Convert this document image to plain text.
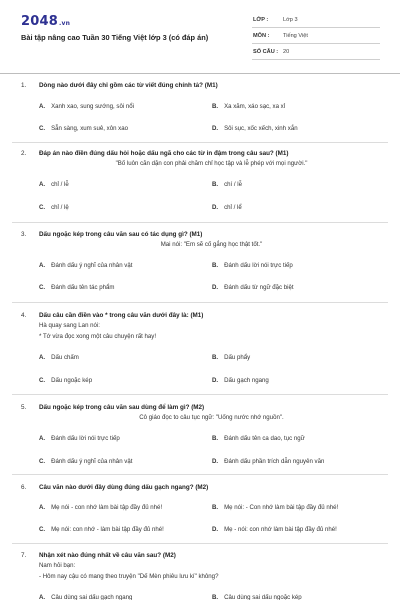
2048.vn
Bài tập nâng cao Tuần 30 Tiếng Việt lớp 3 (có đáp án)
LỚP :	Lớp 3
MÔN : Tiếng Việt
SỐ CÂU : 20
1. Dòng nào dưới đây chỉ gồm các từ viết đúng chính tả? (M1)
A. Xanh xao, sung sướng, sôi nổi	B. Xa xăm, xáo sạc, xa xỉ
C. Sẵn sàng, xum suê, xôn xao	D. Sôi sục, xốc xếch, xinh xắn
2. Đáp án nào điền đúng dấu hỏi hoặc dấu ngã cho các từ in đậm trong câu sau? (M1)
"Bố luôn căn dặn con phải chăm chỉ học tập và lễ phép với mọi người."
A. chỉ / lễ	B. chí / lễ
C. chỉ / lệ	D. chỉ / lể
3. Dấu ngoặc kép trong câu văn sau có tác dụng gì? (M1)
Mai nói: "Em sẽ cố gắng học thật tốt."
A. Đánh dấu ý nghĩ của nhân vật	B. Đánh dấu lời nói trực tiếp
C. Đánh dấu tên tác phẩm	D. Đánh dấu từ ngữ đặc biệt
4. Dấu câu cần điền vào * trong câu văn dưới đây là: (M1)
Hà quay sang Lan nói:
* Tớ vừa đọc xong một câu chuyện rất hay!
A. Dấu chấm	B. Dấu phẩy
C. Dấu ngoặc kép	D. Dấu gạch ngang
5. Dấu ngoặc kép trong câu văn sau dùng để làm gì? (M2)
Cô giáo đọc to câu tục ngữ: "Uống nước nhớ nguồn".
A. Đánh dấu lời nói trực tiếp	B. Đánh dấu tên ca dao, tục ngữ
C. Đánh dấu ý nghĩ của nhân vật	D. Đánh dấu phần trích dẫn nguyên văn
6. Câu văn nào dưới đây dùng đúng dấu gạch ngang? (M2)
A. Mẹ nói - con nhớ làm bài tập đầy đủ nhé!	B. Mẹ nói: - Con nhớ làm bài tập đầy đủ nhé!
C. Mẹ nói: con nhớ - làm bài tập đầy đủ nhé!	D. Mẹ - nói: con nhớ làm bài tập đầy đủ nhé!
7. Nhận xét nào đúng nhất về câu văn sau? (M2)
Nam hỏi bạn:
- Hôm nay cậu có mang theo truyện "Dế Mèn phiêu lưu kí" không?
A. Câu dùng sai dấu gạch ngang	B. Câu dùng sai dấu ngoặc kép
